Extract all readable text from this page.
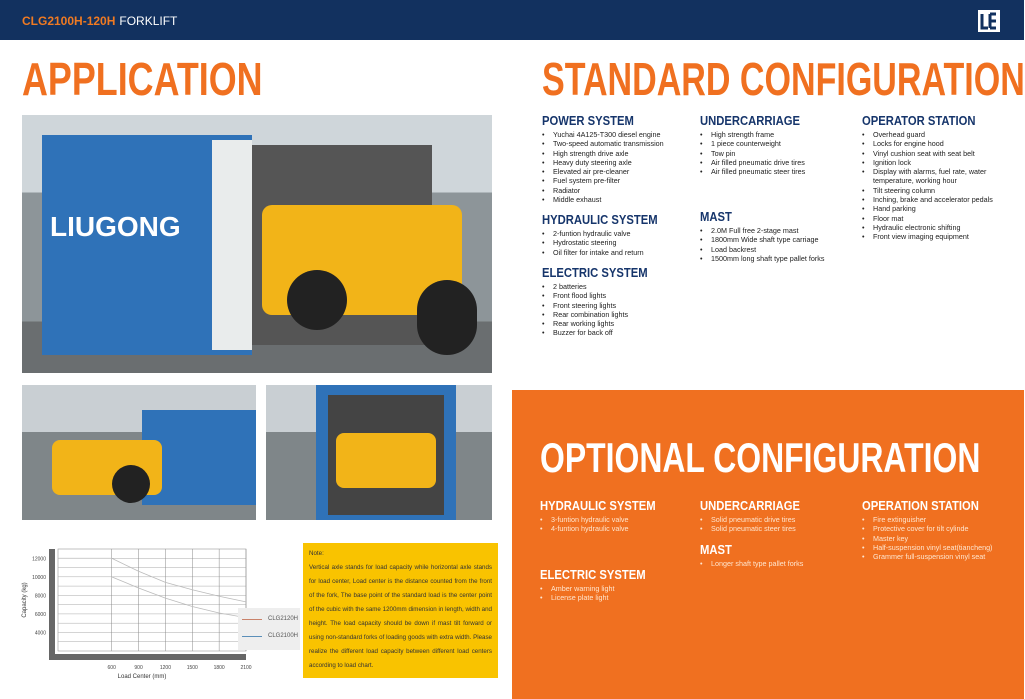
CLG2100H-120H FORKLIFT
APPLICATION	STANDARD CONFIGURATION
LIUGONG
600	900	1200	1500	1800	2100
4000
6000
8000
10000
12000
Load Center (mm)
Capacity (kg)
CLG2120H
CLG2100H
Note:
Vertical axle stands for load capacity while horizontal axle stands for load center, Load center is the distance counted from the front of the fork, The base point of the standard load is the center point of the cubic with the same 1200mm dimension in length, width and height. The load capacity should be down if mast tilt forward or using non-standard forks of loading goods with extra width. Please realize the different load capacity between different load centers according to load chart.
POWER SYSTEM
• Yuchai 4A125-T300 diesel engine
• Two-speed automatic transmission
• High strength drive axle
• Heavy duty steering axle
• Elevated air pre-cleaner
• Fuel system pre-filter
• Radiator
• Middle exhaust
HYDRAULIC SYSTEM
• 2-funtion hydraulic valve
• Hydrostatic steering
• Oil filter for intake and return
ELECTRIC SYSTEM
• 2 batteries
• Front flood lights
• Front steering lights
• Rear combination lights
• Rear working lights
• Buzzer for back off
UNDERCARRIAGE
• High strength frame
• 1 piece counterweight
• Tow pin
• Air filled pneumatic drive tires
• Air filled pneumatic steer tires
MAST
• 2.0M Full free 2-stage mast
• 1800mm Wide shaft type carriage
• Load backrest
• 1500mm long shaft type pallet forks
OPERATOR STATION
• Overhead guard
• Locks for engine hood
• Vinyl cushion seat with seat belt
• Ignition lock
• Display with alarms, fuel rate, water temperature, working hour
• Tilt steering column
• Inching, brake and accelerator pedals
• Hand parking
• Floor mat
• Hydraulic electronic shifting
• Front view imaging equipment
OPTIONAL CONFIGURATION
HYDRAULIC SYSTEM
• 3-funtion hydraulic valve
• 4-funtion hydraulic valve
ELECTRIC SYSTEM
• Amber warning light
• License plate light
UNDERCARRIAGE
• Solid pneumatic drive tires
• Solid pneumatic steer tires
MAST
• Longer shaft type pallet forks
OPERATION STATION
• Fire extinguisher
• Protective cover for tilt cylinde
• Master key
• Half-suspension vinyl seat(tiancheng)
• Grammer full-suspension vinyl seat
